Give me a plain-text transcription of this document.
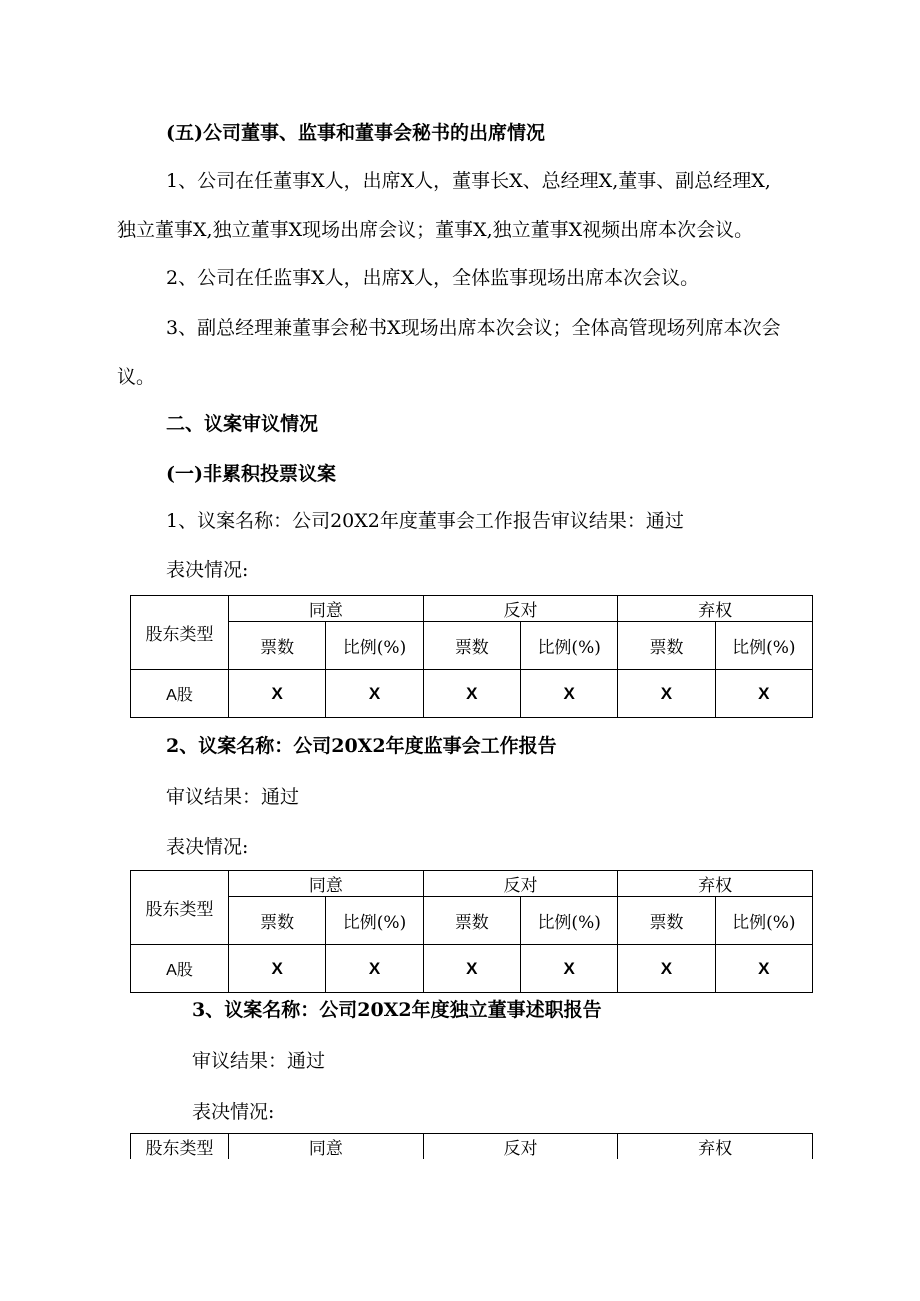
(五)公司董事、监事和董事会秘书的出席情况
1、公司在任董事X人，出席X人，董事长X、总经理X,董事、副总经理X,
独立董事X,独立董事X现场出席会议；董事X,独立董事X视频出席本次会议。
2、公司在任监事X人，出席X人，全体监事现场出席本次会议。
3、副总经理兼董事会秘书X现场出席本次会议；全体高管现场列席本次会
议。
二、议案审议情况
(一)非累积投票议案
1、议案名称：公司20X2年度董事会工作报告审议结果：通过
表决情况:
股东类型	同意		反对		弃权	
	票数	比例(%)	票数	比例(%)	票数	比例(%)
A股	X	X	X	X	X	X
2、议案名称：公司20X2年度监事会工作报告
审议结果：通过
表决情况:
股东类型	同意		反对		弃权	
	票数	比例(%)	票数	比例(%)	票数	比例(%)
A股	X	X	X	X	X	X
3、议案名称：公司20X2年度独立董事述职报告
审议结果：通过
表决情况:
股东类型	同意	反对	弃权
